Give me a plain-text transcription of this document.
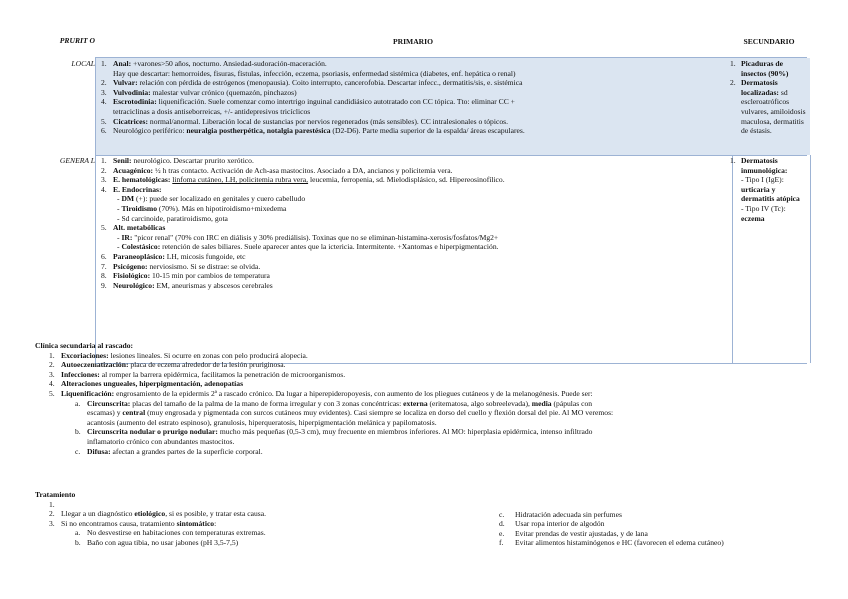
PRURIT O	PRIMARIO	SECUNDARIO
LOCAL 1. Anal: +varones>50 años, nocturno. Ansiedad-sudoración-maceración.
Hay que descartar: hemorroides, fisuras, fístulas, infección, eczema, psoriasis, enfermedad sistémica (diabetes, enf. hepática o renal)
2. Vulvar: relación con pérdida de estrógenos (menopausia). Coito interrupto, cancerofobia. Descartar infecc., dermatitis/sis, e. sistémica
3. Vulvodinia: malestar vulvar crónico (quemazón, pinchazos)
4. Escrotodinia: liquenificación. Suele comenzar como intertrigo inguinal candidiásico autotratado con CC tópica. Tto: eliminar CC +
tetraciclinas a dosis antiseborreicas, +/- antidepresivos tricíclicos
5. Cicatrices: normal/anormal. Liberación local de sustancias por nervios regenerados (más sensibles). CC intralesionales o tópicos.
6. Neurológico periférico: neuralgia postherpética, notalgia parestésica (D2-D6). Parte media superior de la espalda/ áreas escapulares.
1. Picaduras de insectos (90%)
2. Dermatosis localizadas: sd escleroatróficos vulvares, amiloidosis maculosa, dermatitis de éstasis.
GENERA L 1. Senil: neurológico. Descartar prurito xerótico.
2. Acuagénico: ½ h tras contacto. Activación de Ach-asa mastocitos. Asociado a DA, ancianos y policitemia vera.
3. E. hematológicas: linfoma cutáneo, LH, policitemia rubra vera, leucemia, ferropenia, sd. Mielodisplásico, sd. Hipereosinofílico.
4. E. Endocrinas:
- DM (+): puede ser localizado en genitales y cuero cabelludo
- Tiroidismo (70%). Más en hipotiroidismo+mixedema
- Sd carcinoide, paratiroidismo, gota
5. Alt. metabólicas
- IR: "picor renal" (70% con IRC en diálisis y 30% prediálisis). Toxinas que no se eliminan-histamina-xerosis/fosfatos/Mg2+
- Colestásico: retención de sales biliares. Suele aparecer antes que la ictericia. Intermitente. +Xantomas e hiperpigmentación.
6. Paraneoplásico: LH, micosis fungoide, etc
7. Psicógeno: nerviosismo. Si se distrae: se olvida.
8. Fisiológico: 10-15 min por cambios de temperatura
9. Neurológico: EM, aneurismas y abscesos cerebrales
1. Dermatosis inmunológica:
- Tipo I (IgE):
urticaria y dermatitis atópica
- Tipo IV (Tc):
eczema
Clínica secundaria al rascado:
1. Excoriaciones: lesiones lineales. Si ocurre en zonas con pelo producirá alopecia.
2. Autoeczematización: placa de eczema alrededor de la lesión pruriginosa.
3. Infecciones: al romper la barrera epidérmica, facilitamos la penetración de microorganismos.
4. Alteraciones ungueales, hiperpigmentación, adenopatías
5. Liquenificación: engrosamiento de la epidermis 2ª a rascado crónico. Da lugar a hiperepideropoyesis, con aumento de los pliegues cutáneos y de la melanogénesis. Puede ser:
a. Circunscrita: placas del tamaño de la palma de la mano de forma irregular y con 3 zonas concéntricas: externa (eritematosa, algo sobreelevada), media (pápulas con
escamas) y central (muy engrosada y pigmentada con surcos cutáneos muy evidentes). Casi siempre se localiza en dorso del cuello y flexión dorsal del pie. Al MO veremos:
acantosis (aumento del estrato espinoso), granulosis, hiperqueratosis, hiperpigmentación melánica y papilomatosis.
b. Circunscrita nodular o prurigo nodular: mucho más pequeñas (0,5-3 cm), muy frecuente en miembros inferiores. Al MO: hiperplasia epidérmica, intenso infiltrado
inflamatorio crónico con abundantes mastocitos.
c. Difusa: afectan a grandes partes de la superficie corporal.
Tratamiento
1.

2. Llegar a un diagnóstico etiológico, si es posible, y tratar esta causa.
3. Si no encontramos causa, tratamiento sintomático:
a. No desvestirse en habitaciones con temperaturas extremas.
b. Baño con agua tibia, no usar jabones (pH 3,5-7,5)
c. Hidratación adecuada sin perfumes
d. Usar ropa interior de algodón
e. Evitar prendas de vestir ajustadas, y de lana
f. Evitar alimentos histaminógenos e HC (favorecen el edema cutáneo)
